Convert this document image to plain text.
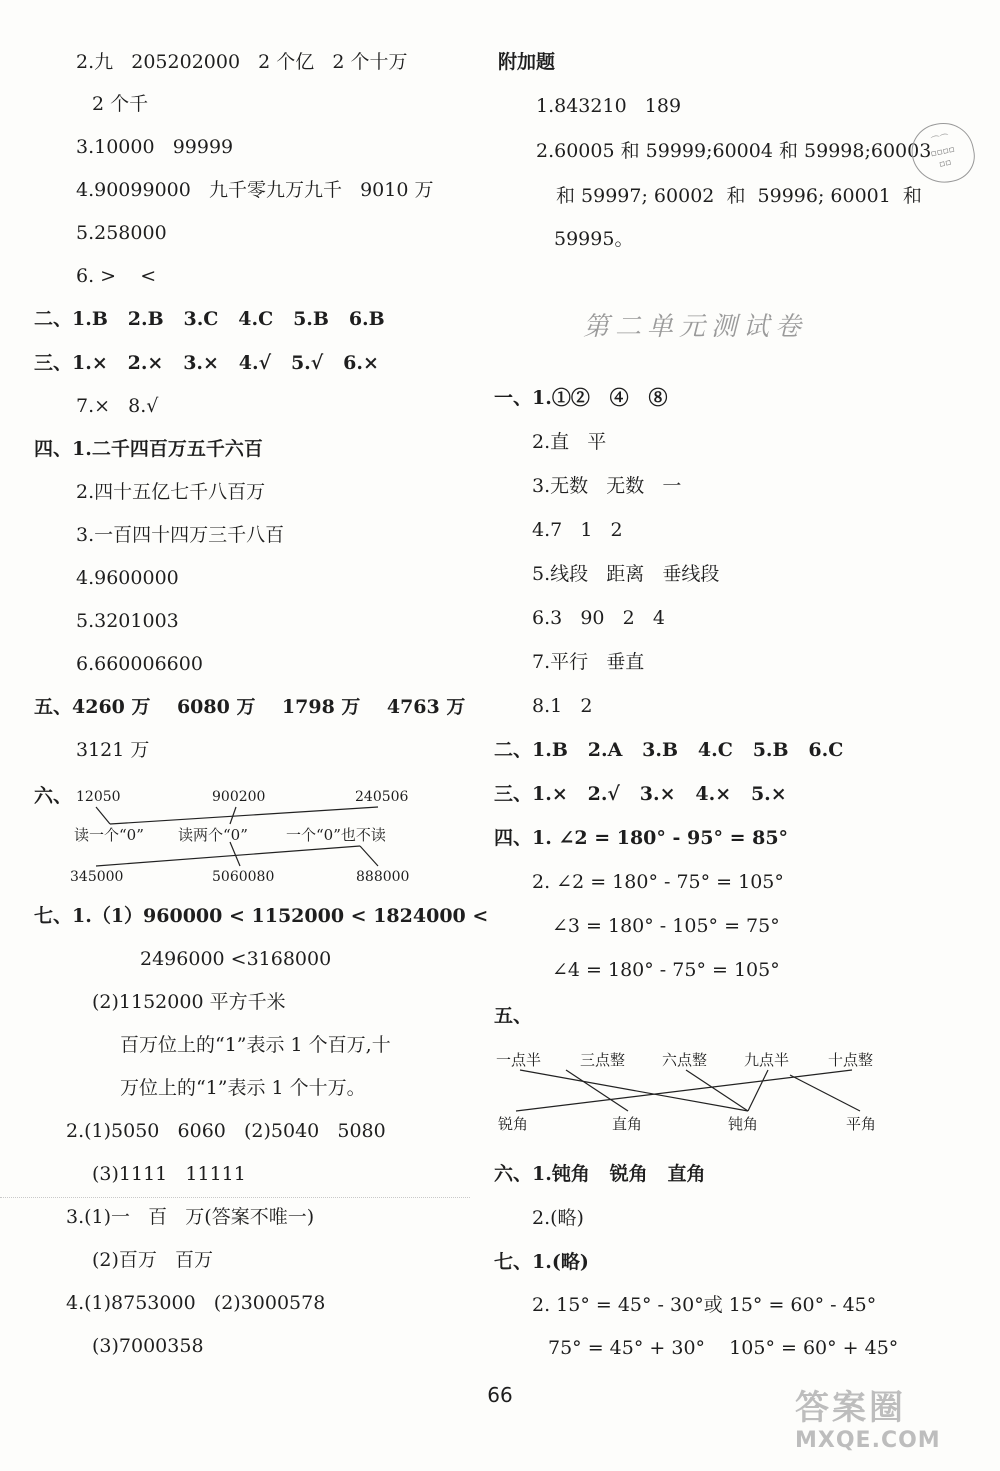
2.九   205202000   2 个亿   2 个十万
2 个千
3.10000   99999
4.90099000   九千零九万九千   9010 万
5.258000
6. >    <
二、1.B   2.B   3.C   4.C   5.B   6.B
三、1.×   2.×   3.×   4.√   5.√   6.×
7.×   8.√
四、1.二千四百万五千六百
2.四十五亿七千八百万
3.一百四十四万三千八百
4.9600000
5.3201003
6.660006600
五、4260 万    6080 万    1798 万    4763 万
3121 万
六、 12050	900200	240506
读一个“0” 读两个“0”	一个“0”也不读
345000	5060080	888000
七、1.（1）960000 < 1152000 < 1824000 <
2496000 <3168000
(2)1152000 平方千米
百万位上的“1”表示 1 个百万,十
万位上的“1”表示 1 个十万。
2.(1)5050   6060   (2)5040   5080
(3)1111   11111
3.(1)一   百   万(答案不唯一)
(2)百万   百万
4.(1)8753000   (2)3000578
(3)7000358
附加题
1.843210   189
2.60005 和 59999;60004 和 59998;60003
和 59997; 60002  和  59996; 60001  和
59995。
第二单元测试卷
一、1.①②   ④   ⑧
2.直   平
3.无数   无数   一
4.7   1   2
5.线段   距离   垂线段
6.3   90   2   4
7.平行   垂直
8.1   2
二、1.B   2.A   3.B   4.C   5.B   6.C
三、1.×   2.√   3.×   4.×   5.×
四、1. ∠2 = 180° - 95° = 85°
2. ∠2 = 180° - 75° = 105°
∠3 = 180° - 105° = 75°
∠4 = 180° - 75° = 105°
五、
一点半	三点整 六点整 九点半	十点整
锐角	直角	钝角	平角
六、1.钝角   锐角   直角
2.(略)
七、1.(略)
2. 15° = 45° - 30°或 15° = 60° - 45°
75° = 45° + 30°    105° = 60° + 45°
⌒⌒
▫▫▫▫
▫▫
66	答案圈
MXQE.COM
